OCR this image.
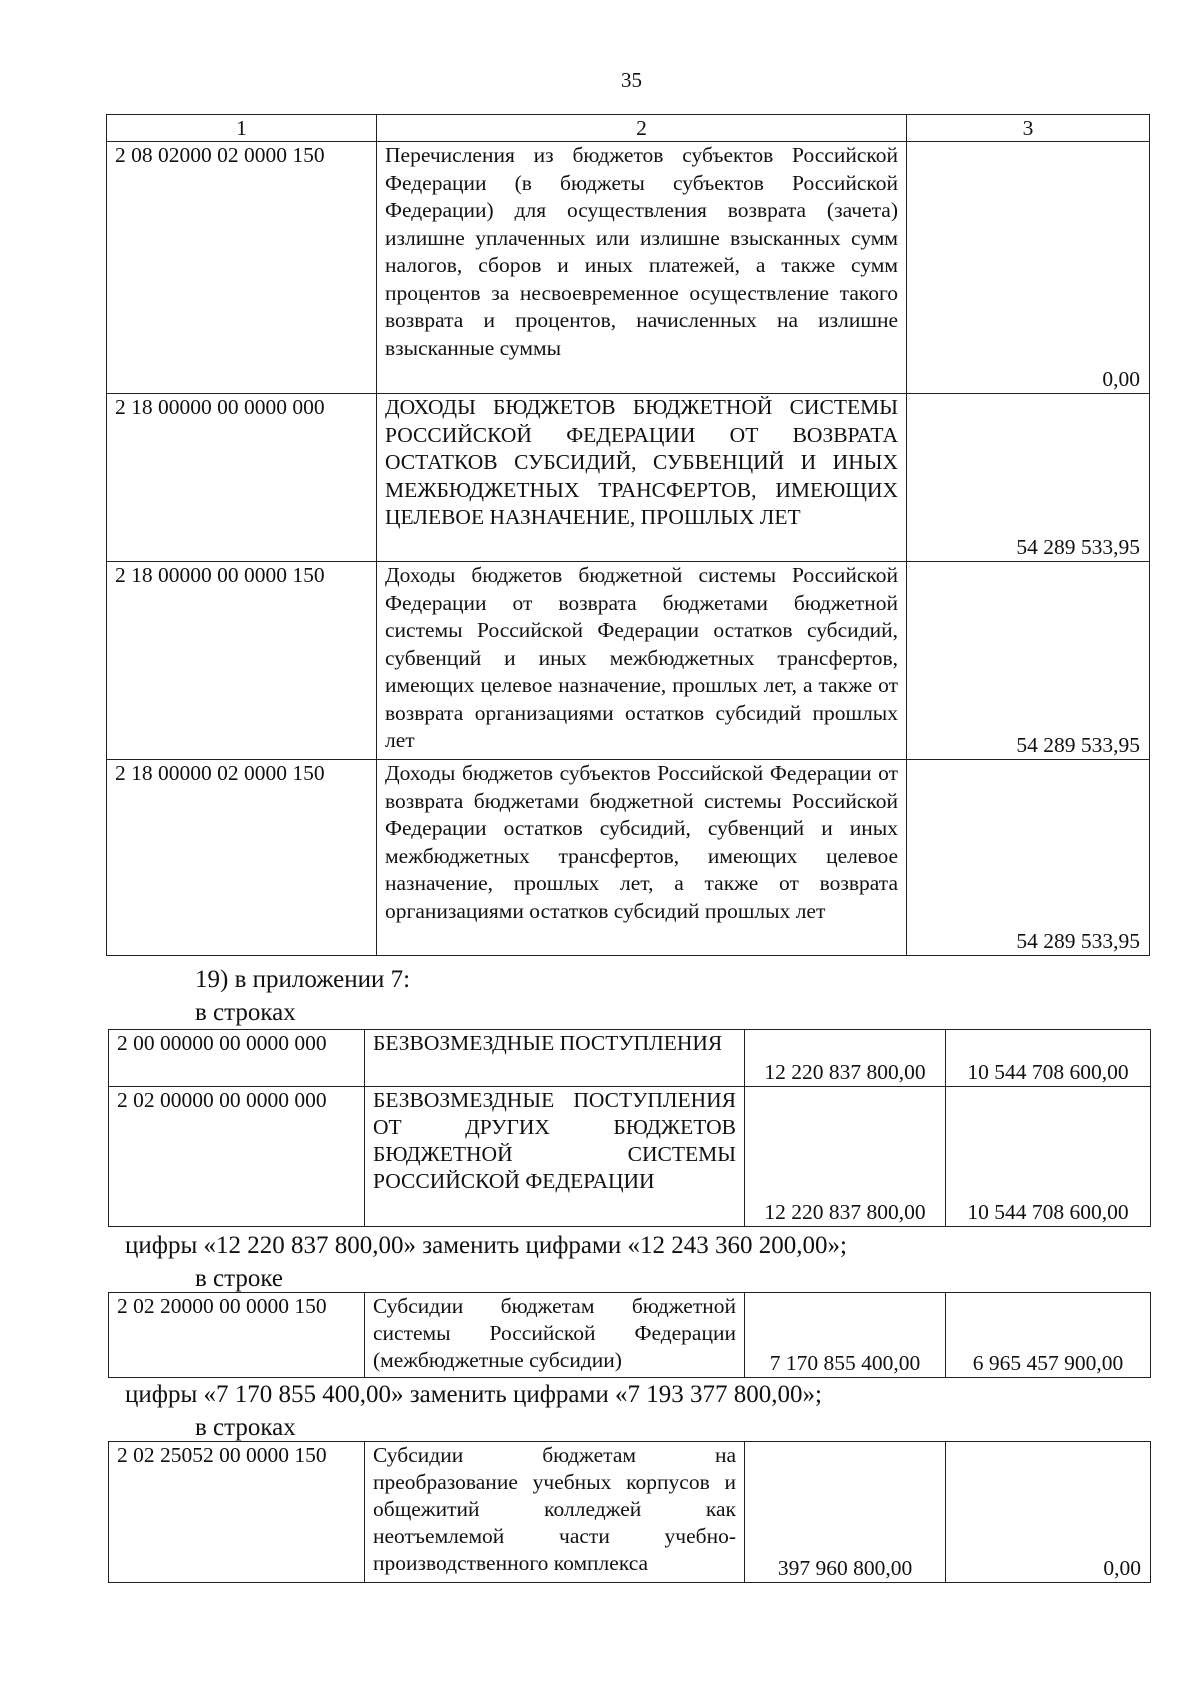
35
1	2	3
2 08 02000 02 0000 150	Перечисления из бюджетов субъектов Российской Федерации (в бюджеты субъектов Российской Федерации) для осуществления возврата (зачета) излишне уплаченных или излишне взысканных сумм налогов, сборов и иных платежей, а также сумм процентов за несвоевременное осуществление такого возврата и процентов, начисленных на излишне взысканные суммы	0,00
2 18 00000 00 0000 000	ДОХОДЫ БЮДЖЕТОВ БЮДЖЕТНОЙ СИСТЕМЫ РОССИЙСКОЙ ФЕДЕРАЦИИ ОТ ВОЗВРАТА ОСТАТКОВ СУБСИДИЙ, СУБВЕНЦИЙ И ИНЫХ МЕЖБЮДЖЕТНЫХ ТРАНСФЕРТОВ, ИМЕЮЩИХ ЦЕЛЕВОЕ НАЗНАЧЕНИЕ, ПРОШЛЫХ ЛЕТ	54 289 533,95
2 18 00000 00 0000 150	Доходы бюджетов бюджетной системы Российской Федерации от возврата бюджетами бюджетной системы Российской Федерации остатков субсидий, субвенций и иных межбюджетных трансфертов, имеющих целевое назначение, прошлых лет, а также от возврата организациями остатков субсидий прошлых лет	54 289 533,95
2 18 00000 02 0000 150	Доходы бюджетов субъектов Российской Федерации от возврата бюджетами бюджетной системы Российской Федерации остатков субсидий, субвенций и иных межбюджетных трансфертов, имеющих целевое назначение, прошлых лет, а также от возврата организациями остатков субсидий прошлых лет	54 289 533,95
19) в приложении 7:
в строках
2 00 00000 00 0000 000	БЕЗВОЗМЕЗДНЫЕ ПОСТУПЛЕНИЯ	12 220 837 800,00	10 544 708 600,00
2 02 00000 00 0000 000	БЕЗВОЗМЕЗДНЫЕ ПОСТУПЛЕНИЯ ОТ ДРУГИХ БЮДЖЕТОВ БЮДЖЕТНОЙ СИСТЕМЫ РОССИЙСКОЙ ФЕДЕРАЦИИ	12 220 837 800,00	10 544 708 600,00
цифры «12 220 837 800,00» заменить цифрами «12 243 360 200,00»;
в строке
2 02 20000 00 0000 150	Субсидии бюджетам бюджетной системы Российской Федерации (межбюджетные субсидии)	7 170 855 400,00	6 965 457 900,00
цифры «7 170 855 400,00» заменить цифрами «7 193 377 800,00»;
в строках
2 02 25052 00 0000 150	Субсидии бюджетам на преобразование учебных корпусов и общежитий колледжей как неотъемлемой части учебно-производственного комплекса	397 960 800,00	0,00
